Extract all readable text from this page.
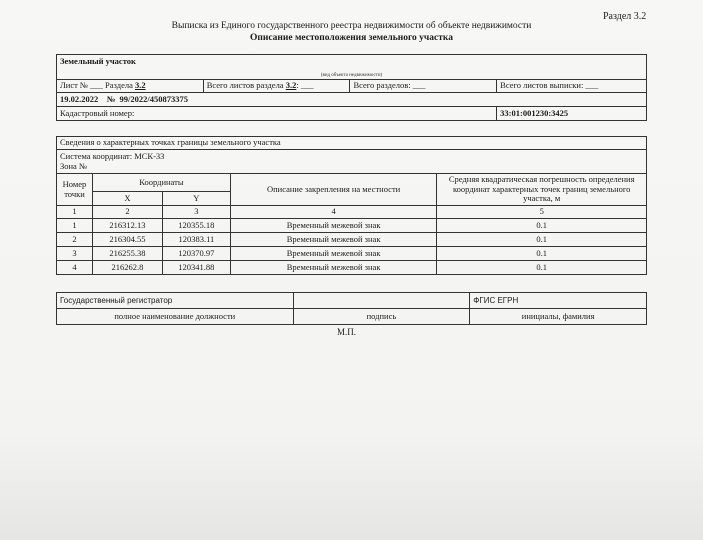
Раздел 3.2
Выписка из Единого государственного реестра недвижимости об объекте недвижимости
Описание местоположения земельного участка
Земельный участок			
(вид объекта недвижимости)			
Лист № ___ Раздела 3.2	Всего листов раздела 3.2: ___	Всего разделов: ___	Всего листов выписки: ___
19.02.2022 № 99/2022/450873375			
Кадастровый номер:			33:01:001230:3425
Сведения о характерных точках границы земельного участка				

Система координат: МСК-33
Зона №				

Номер точки	Координаты		Описание закрепления на местности	Средняя квадратическая погрешность определения координат характерных точек границ земельного участка, м
	X	Y		
1	2	3	4	5
1	216312.13	120355.18	Временный межевой знак	0.1
2	216304.55	120383.11	Временный межевой знак	0.1
3	216255.38	120370.97	Временный межевой знак	0.1
4	216262.8	120341.88	Временный межевой знак	0.1
Государственный регистратор		ФГИС ЕГРН
полное наименование должности	подпись	инициалы, фамилия
М.П.
